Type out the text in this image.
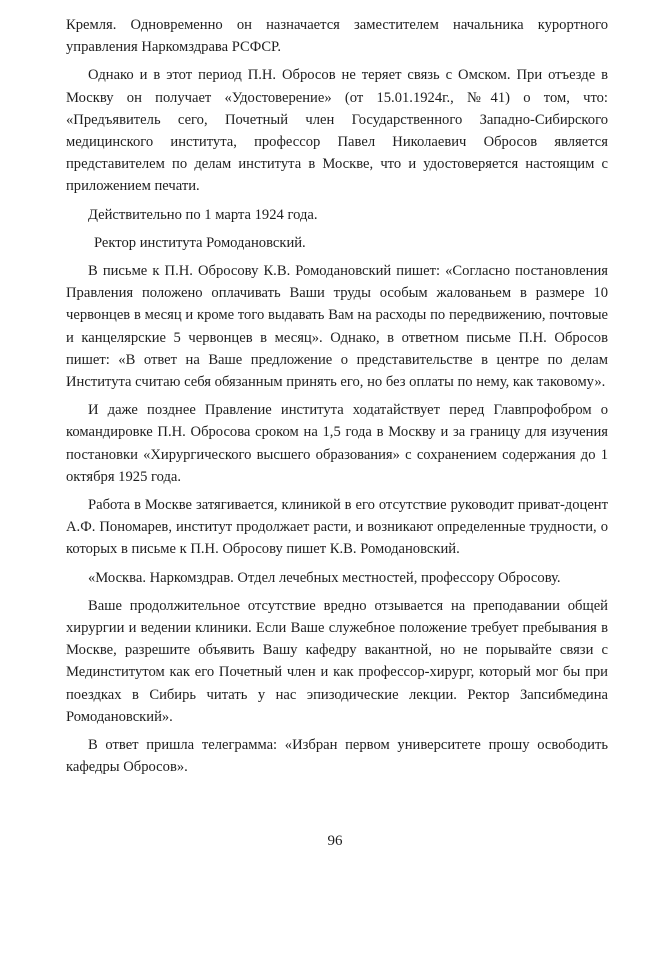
Кремля. Одновременно он назначается заместителем начальника курортного управления Наркомздрава РСФСР.

Однако и в этот период П.Н. Обросов не теряет связь с Омском. При отъезде в Москву он получает «Удостоверение» (от 15.01.1924г., №41) о том, что: «Предъявитель сего, Почетный член Государственного Западно-Сибирского медицинского института, профессор Павел Николаевич Обросов является представителем по делам института в Москве, что и удостоверяется настоящим с приложением печати.

Действительно по 1 марта 1924 года.

Ректор института Ромодановский.

В письме к П.Н. Обросову К.В. Ромодановский пишет: «Согласно постановления Правления положено оплачивать Ваши труды особым жалованьем в размере 10 червонцев в месяц и кроме того выдавать Вам на расходы по передвижению, почтовые и канцелярские 5 червонцев в месяц». Однако, в ответном письме П.Н. Обросов пишет: «В ответ на Ваше предложение о представительстве в центре по делам Института считаю себя обязанным принять его, но без оплаты по нему, как таковому».

И даже позднее Правление института ходатайствует перед Главпрофобром о командировке П.Н. Обросова сроком на 1,5 года в Москву и за границу для изучения постановки «Хирургического высшего образования» с сохранением содержания до 1 октября 1925 года.

Работа в Москве затягивается, клиникой в его отсутствие руководит приват-доцент А.Ф. Пономарев, институт продолжает расти, и возникают определенные трудности, о которых в письме к П.Н. Обросову пишет К.В. Ромодановский.

«Москва. Наркомздрав. Отдел лечебных местностей, профессору Обросову.

Ваше продолжительное отсутствие вредно отзывается на преподавании общей хирургии и ведении клиники. Если Ваше служебное положение требует пребывания в Москве, разрешите объявить Вашу кафедру вакантной, но не порывайте связи с Мединститутом как его Почетный член и как профессор-хирург, который мог бы при поездках в Сибирь читать у нас эпизодические лекции. Ректор Запсибмедина Ромодановский».

В ответ пришла телеграмма: «Избран первом университете прошу освободить кафедры Обросов».

96
